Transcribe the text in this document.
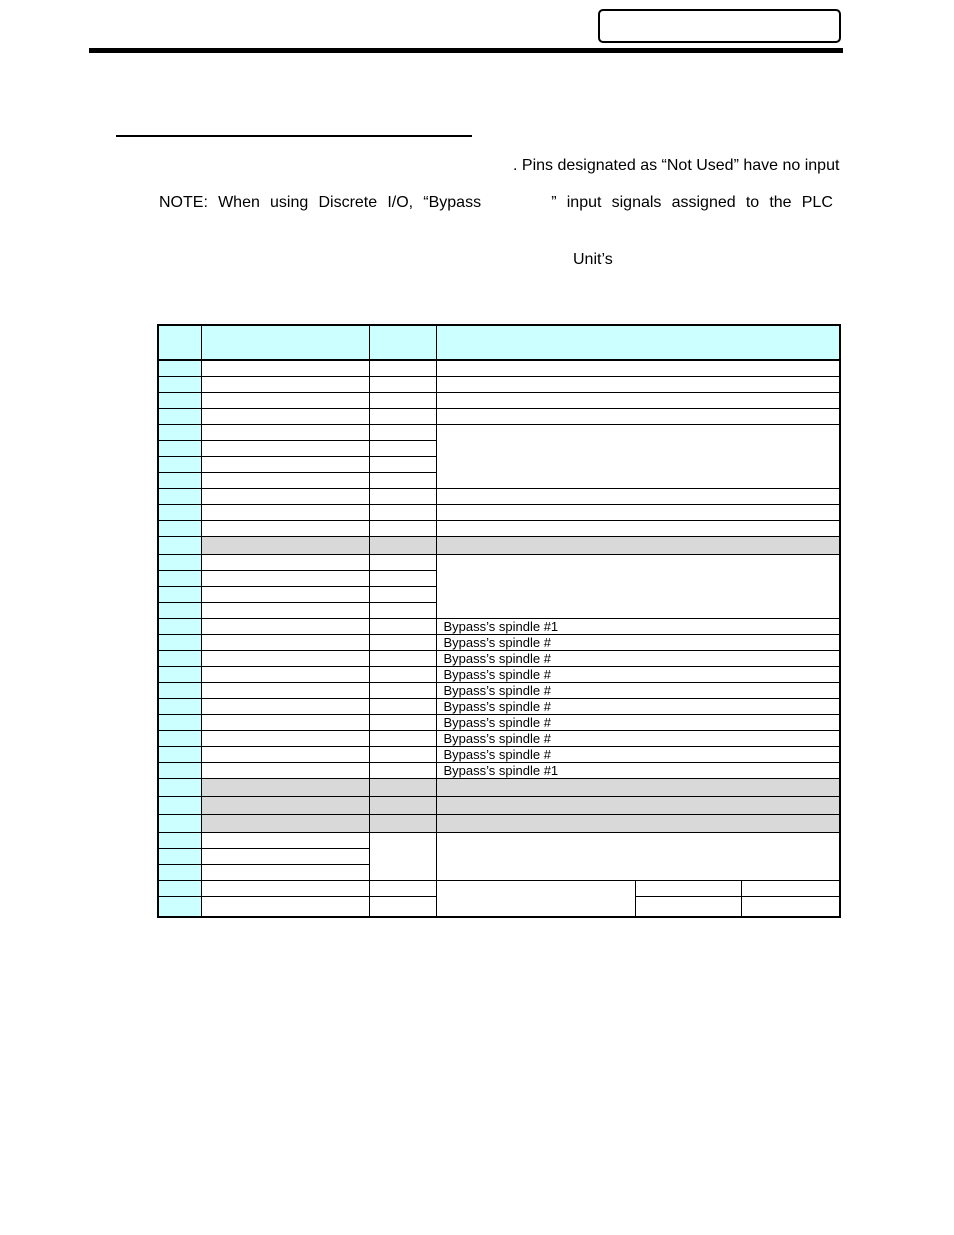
. Pins designated as “Not Used” have no input
NOTE: When using Discrete I/O, “Bypass	” input signals assigned to the PLC
Unit’s

			Bypass’s spindle #1		
			Bypass’s spindle #		
			Bypass’s spindle #		
			Bypass’s spindle #		
			Bypass’s spindle #		
			Bypass’s spindle #		
			Bypass’s spindle #		
			Bypass’s spindle #		
			Bypass’s spindle #		
			Bypass’s spindle #1		
